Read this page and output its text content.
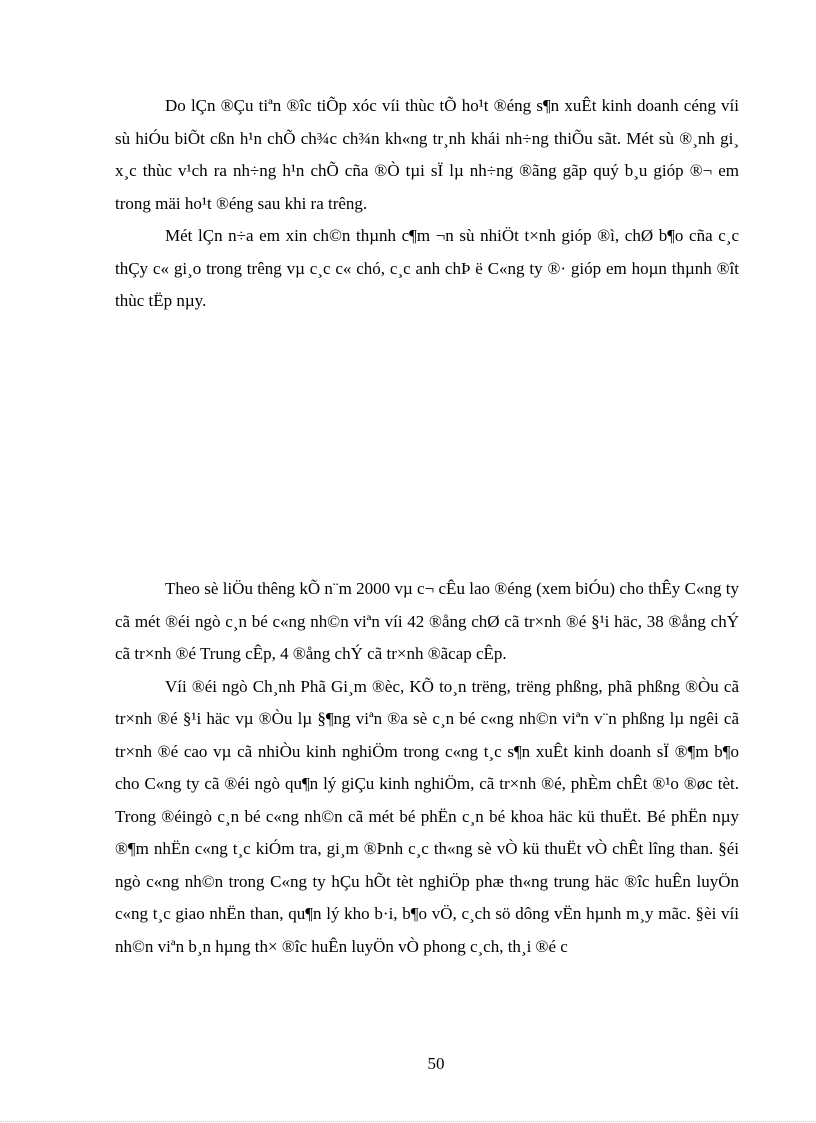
Do lÇn ®Çu tiªn ®îc tiÕp xóc víi thùc tÕ ho¹t ®éng s¶n xuÊt kinh doanh céng víi sù hiÓu biÕt cßn h¹n chÕ ch¾c ch¾n kh«ng tr¸nh khái nh÷ng thiÕu sãt. Mét sù ®¸nh gi¸ x¸c thùc v¹ch ra nh÷ng h¹n chÕ cña ®Ò tµi sÏ lµ nh÷ng ®ãng gãp quý b¸u gióp ®¬ em trong mäi ho¹t ®éng sau khi ra trêng.

Mét lÇn n÷a em xin ch©n thµnh c¶m ¬n sù nhiÖt t×nh gióp ®ì, chØ b¶o cña c¸c thÇy c« gi¸o trong trêng vµ c¸c c« chó, c¸c anh chÞ ë C«ng ty ®· gióp em hoµn thµnh ®ît thùc tËp nµy.

Theo sè liÖu thêng kÕ n¨m 2000 vµ c¬ cÊu lao ®éng (xem biÓu) cho thÊy C«ng ty cã mét ®éi ngò c¸n bé c«ng nh©n viªn víi 42 ®ång chØ cã tr×nh ®é §¹i häc, 38 ®ång chÝ cã tr×nh ®é Trung cÊp, 4 ®ång chÝ cã tr×nh ®ãcap cÊp.

Víi ®éi ngò Ch¸nh Phã Gi¸m ®èc, KÕ to¸n trëng, trëng phßng, phã phßng ®Òu cã tr×nh ®é §¹i häc vµ ®Òu lµ §¶ng viªn ®a sè c¸n bé c«ng nh©n viªn v¨n phßng lµ ngêi cã tr×nh ®é cao vµ cã nhiÒu kinh nghiÖm trong c«ng t¸c s¶n xuÊt kinh doanh sÏ ®¶m b¶o cho C«ng ty cã ®éi ngò qu¶n lý giÇu kinh nghiÖm, cã tr×nh ®é, phÈm chÊt ®¹o ®øc tèt. Trong ®éingò c¸n bé c«ng nh©n cã mét bé phËn c¸n bé khoa häc kü thuËt. Bé phËn nµy ®¶m nhËn c«ng t¸c kiÓm tra, gi¸m ®Þnh c¸c th«ng sè vÒ kü thuËt vÒ chÊt lîng than. §éi ngò c«ng nh©n trong C«ng ty hÇu hÕt tèt nghiÖp phæ th«ng trung häc ®îc huÊn luyÖn c«ng t¸c giao nhËn than, qu¶n lý kho b·i, b¶o vÖ, c¸ch sö dông vËn hµnh m¸y mãc. §èi víi nh©n viªn b¸n hµng th× ®îc huÊn luyÖn vÒ phong c¸ch, th¸i ®é c

50
